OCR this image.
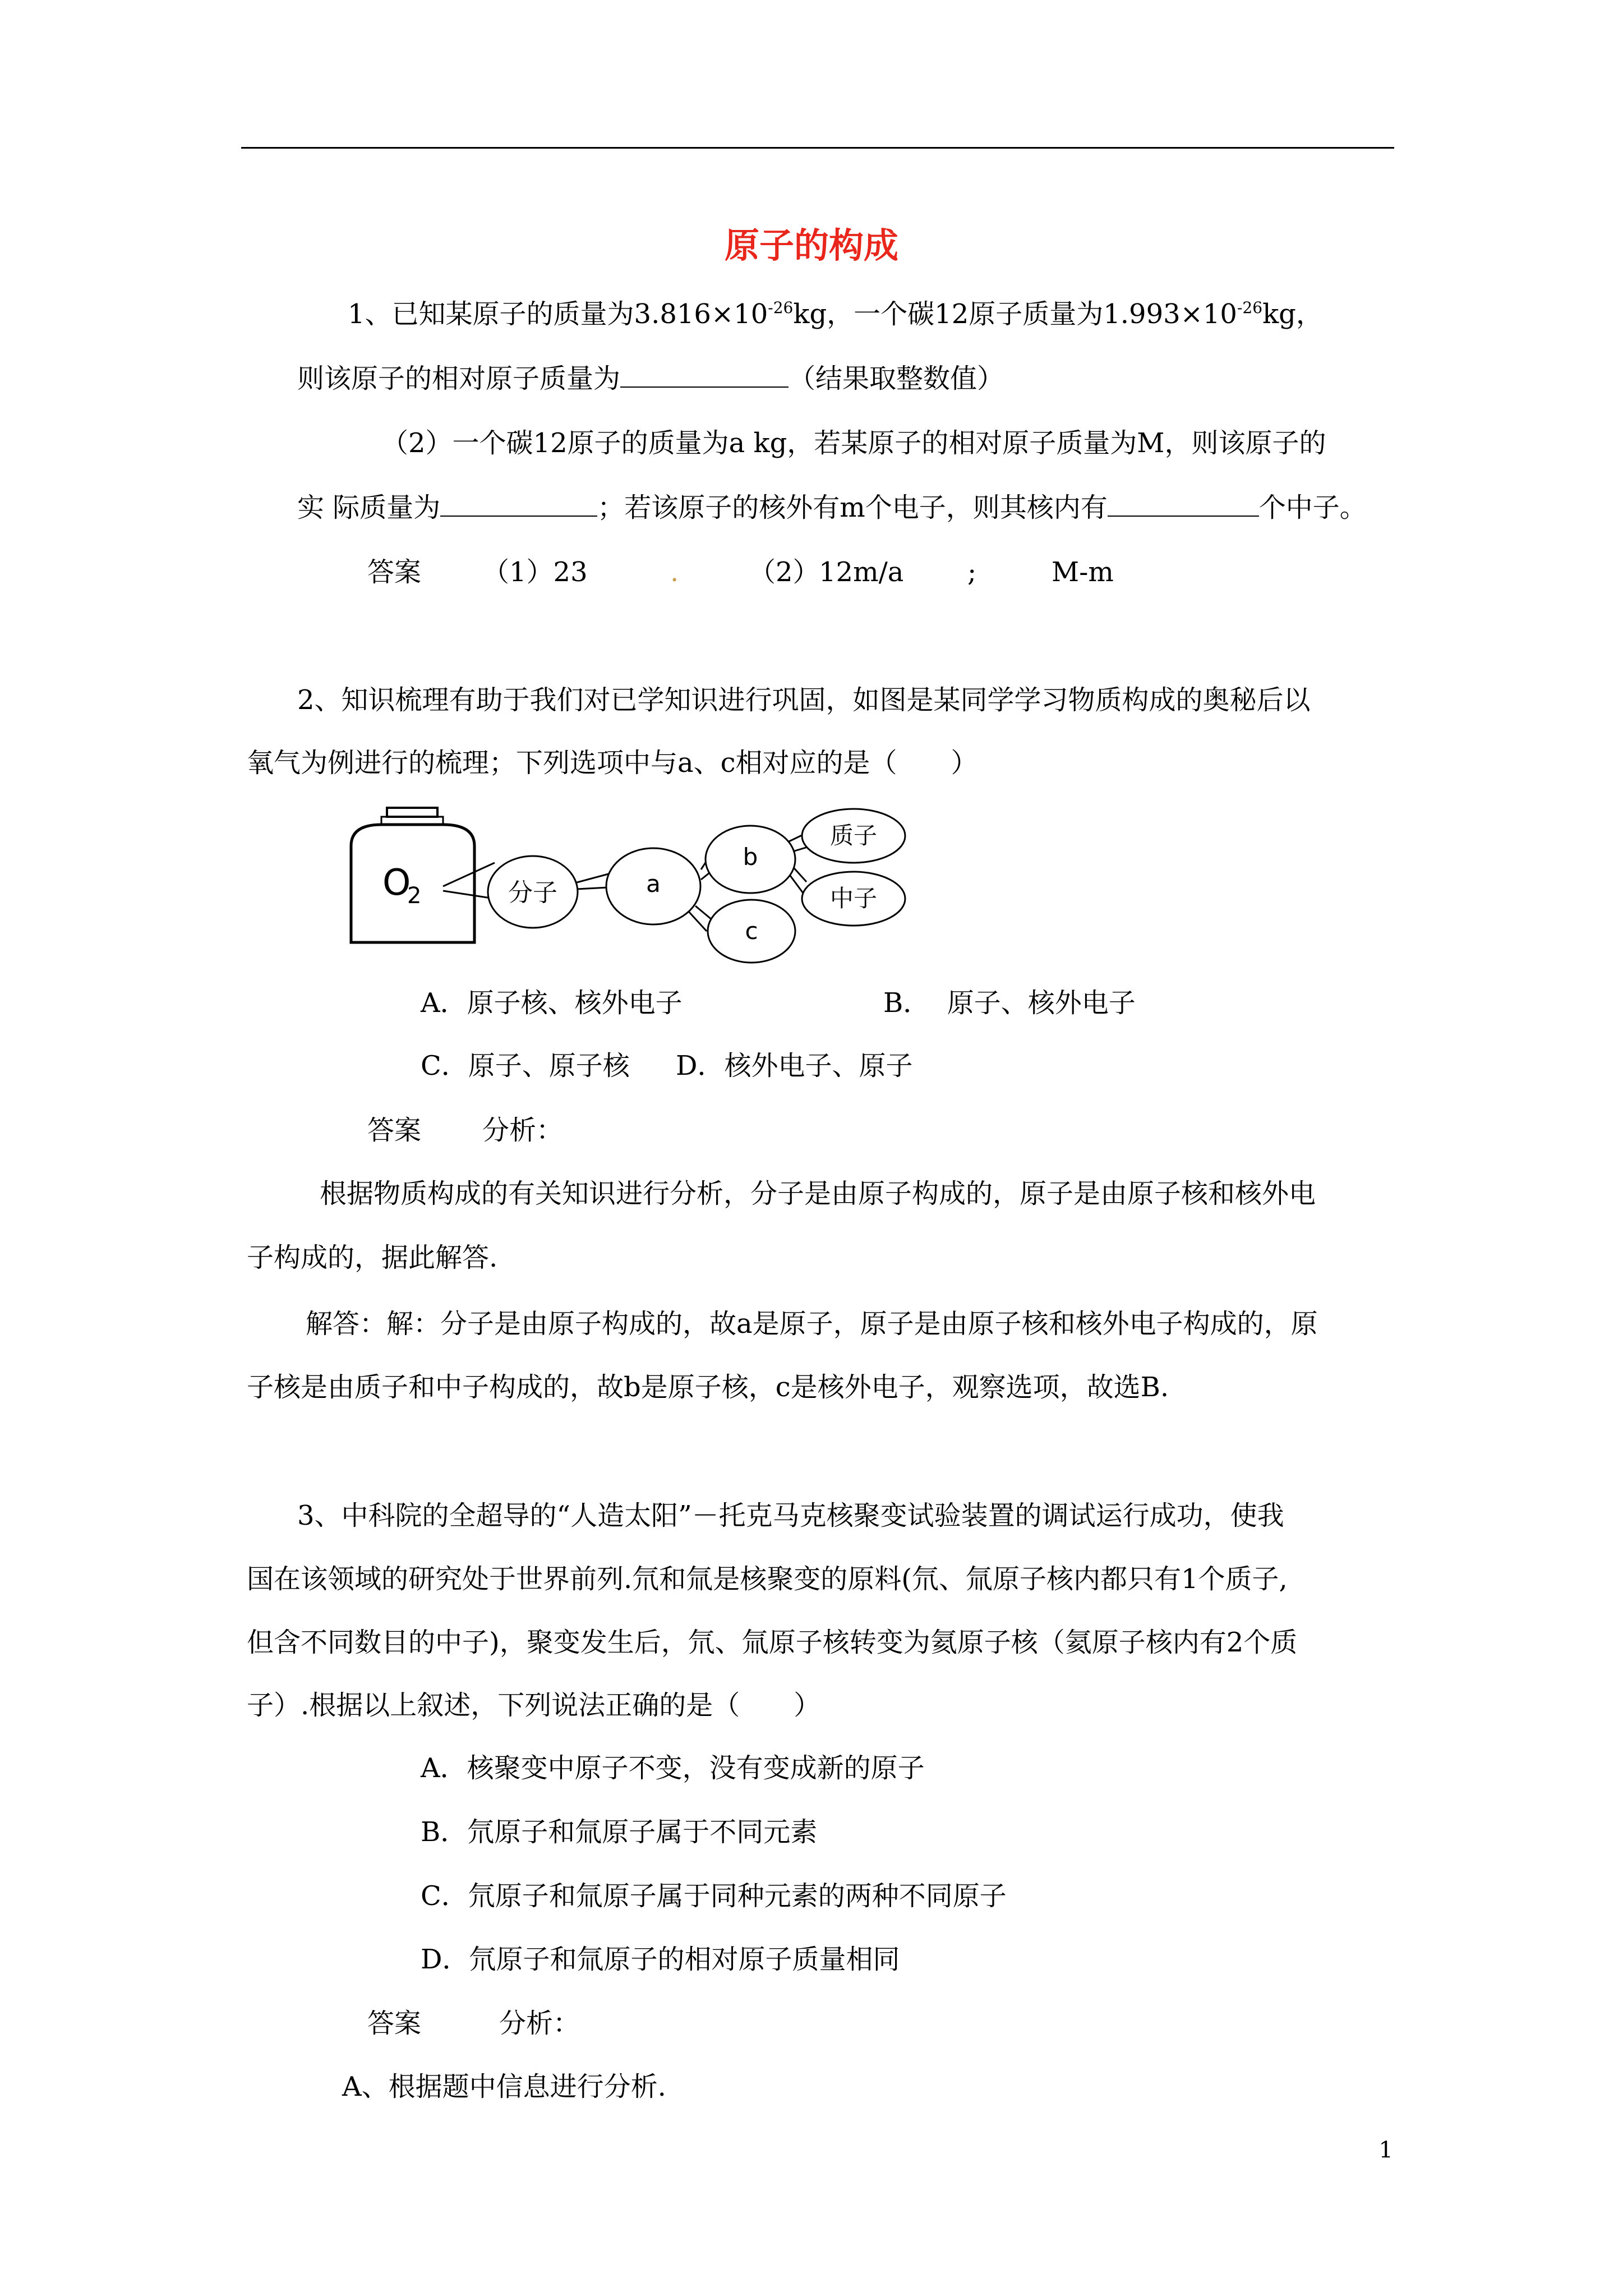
原子的构成
1、已知某原子的质量为$3.816\times 10^{-26}kg$，一个碳12原子质量为$1.993\times 10^{-26}kg$，
则该原子的相对原子质量为	（结果取整数值）
（2）一个碳12原子的质量为a kg，若某原子的相对原子质量为M，则该原子的
实 际质量为	；若该原子的核外有m个电子，则其核内有	个中子。
答案 （1）23	.	（2）
12m/a ;	M-m
2、知识梳理有助于我们对已学知识进行巩固，如图是某同学学习物质构成的奥秘后以
氧气为例进行的梳理；下列选项中与a、c相对应的是（　　）
O
2	分子	a
b
c
质子
中子
A．原子核、核外电子	B．  原子、核外电子
C．原子、原子核 D．核外电子、原子
答案 分析：
根据物质构成的有关知识进行分析，分子是由原子构成的，原子是由原子核和核外电
子构成的，据此解答.
解答：解：分子是由原子构成的，故a是原子，原子是由原子核和核外电子构成的，原
子核是由质子和中子构成的，故b是原子核，c是核外电子，观察选项，故选B.
3、中科院的全超导的“人造太阳”－托克马克核聚变试验装置的调试运行成功，使我
国在该领域的研究处于世界前列.氘和氚是核聚变的原料(氘、氚原子核内都只有1个质子,
但含不同数目的中子)，聚变发生后，氘、氚原子核转变为氦原子核（氦原子核内有2个质
子）.根据以上叙述，下列说法正确的是（　　）
A．核聚变中原子不变，没有变成新的原子
B．氘原子和氚原子属于不同元素
C．氘原子和氚原子属于同种元素的两种不同原子
D．氘原子和氚原子的相对原子质量相同
答案	分析：
A、根据题中信息进行分析.
1
